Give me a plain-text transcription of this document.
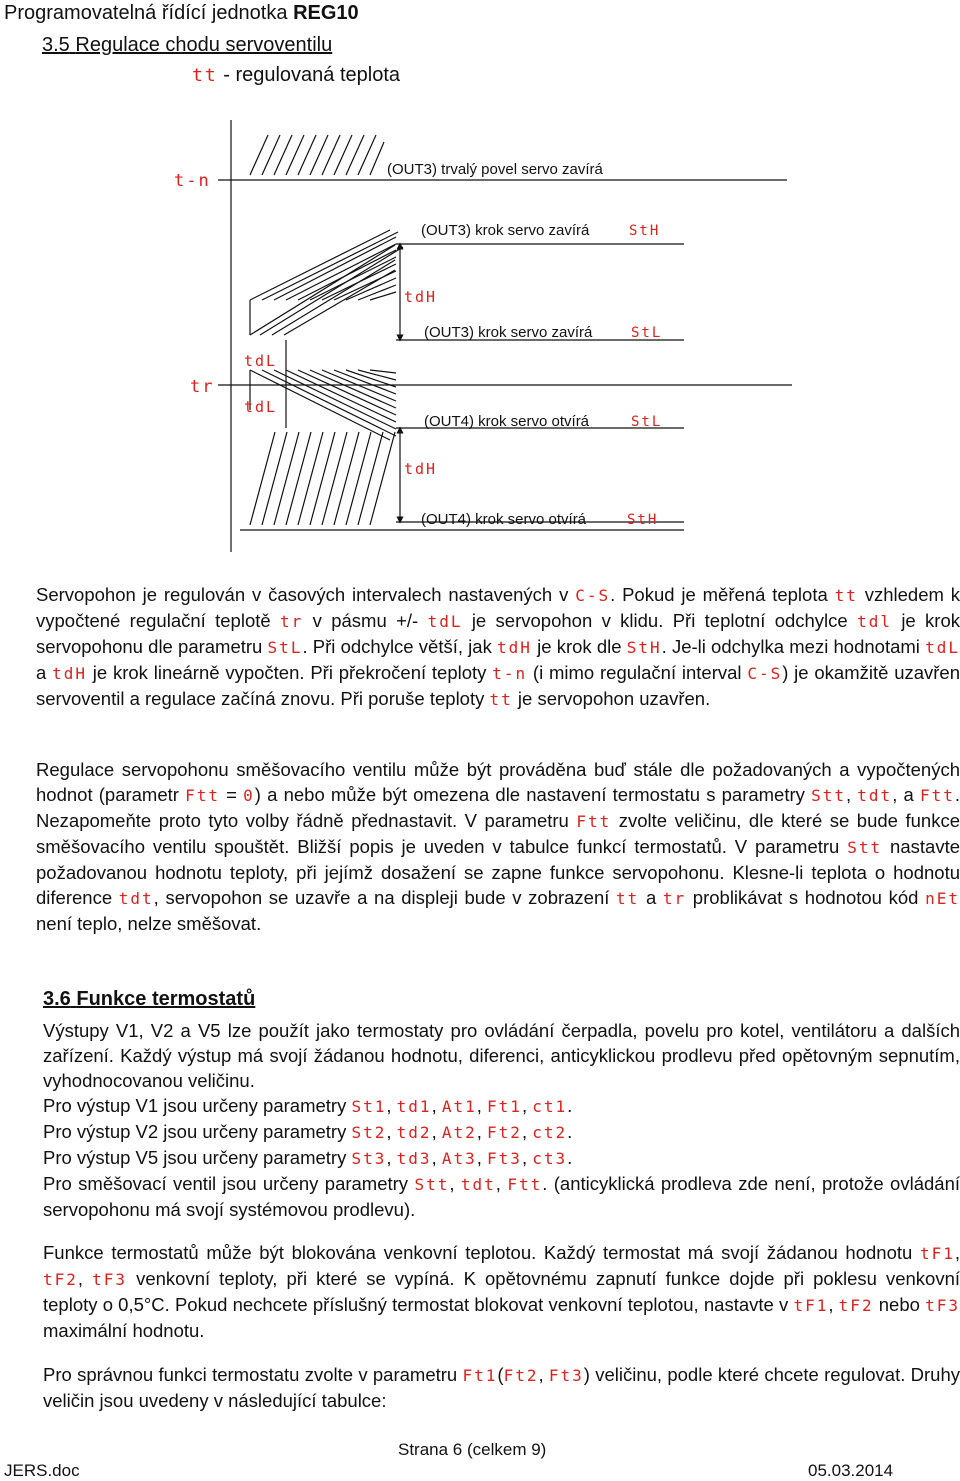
Programovatelná řídící jednotka REG10
3.5 Regulace chodu servoventilu
tt - regulovaná teplota
t-n
tr
tdL
tdL
tdH
tdH
(OUT3) trvalý povel servo zavírá
(OUT3) krok servo zavírá	StH
(OUT3) krok servo zavírá	StL
(OUT4) krok servo otvírá	StL
(OUT4) krok servo otvírá	StH

Servopohon je regulován v časových intervalech nastavených v C-S. Pokud je měřená teplota tt vzhledem k vypočtené regulační teplotě tr v pásmu +/- tdL je servopohon v klidu. Při teplotní odchylce tdl je krok servopohonu dle parametru StL. Při odchylce větší, jak tdH je krok dle StH. Je-li odchylka mezi hodnotami tdL a tdH je krok lineárně vypočten. Při překročení teploty t-n (i mimo regulační interval C-S) je okamžitě uzavřen servoventil a regulace začíná znovu. Při poruše teploty tt je servopohon uzavřen.

Regulace servopohonu směšovacího ventilu může být prováděna buď stále dle požadovaných a vypočtených hodnot (parametr Ftt = 0) a nebo může být omezena dle nastavení termostatu s parametry Stt, tdt, a Ftt. Nezapomeňte proto tyto volby řádně přednastavit. V parametru Ftt zvolte veličinu, dle které se bude funkce směšovacího ventilu spouštět. Bližší popis je uveden v tabulce funkcí termostatů. V parametru Stt nastavte požadovanou hodnotu teploty, při jejímž dosažení se zapne funkce servopohonu. Klesne-li teplota o hodnotu diference tdt, servopohon se uzavře a na displeji bude v zobrazení tt a tr problikávat s hodnotou kód nEt není teplo, nelze směšovat.

3.6 Funkce termostatů

Výstupy V1, V2 a V5 lze použít jako termostaty pro ovládání čerpadla, povelu pro kotel, ventilátoru a dalších zařízení. Každý výstup má svojí žádanou hodnotu, diferenci, anticyklickou prodlevu před opětovným sepnutím, vyhodnocovanou veličinu.

Pro výstup V1 jsou určeny parametry St1, td1, At1, Ft1, ct1.

Pro výstup V2 jsou určeny parametry St2, td2, At2, Ft2, ct2.

Pro výstup V5 jsou určeny parametry St3, td3, At3, Ft3, ct3.

Pro směšovací ventil jsou určeny parametry Stt, tdt, Ftt. (anticyklická prodleva zde není, protože ovládání servopohonu má svojí systémovou prodlevu).

Funkce termostatů může být blokována venkovní teplotou. Každý termostat má svojí žádanou hodnotu tF1, tF2, tF3 venkovní teploty, při které se vypíná. K opětovnému zapnutí funkce dojde při poklesu venkovní teploty o 0,5°C. Pokud nechcete příslušný termostat blokovat venkovní teplotou, nastavte v tF1, tF2 nebo tF3 maximální hodnotu.

Pro správnou funkci termostatu zvolte v parametru Ft1(Ft2, Ft3) veličinu, podle které chcete regulovat. Druhy veličin jsou uvedeny v následující tabulce:

Strana 6 (celkem 9)
JERS.doc	05.03.2014
